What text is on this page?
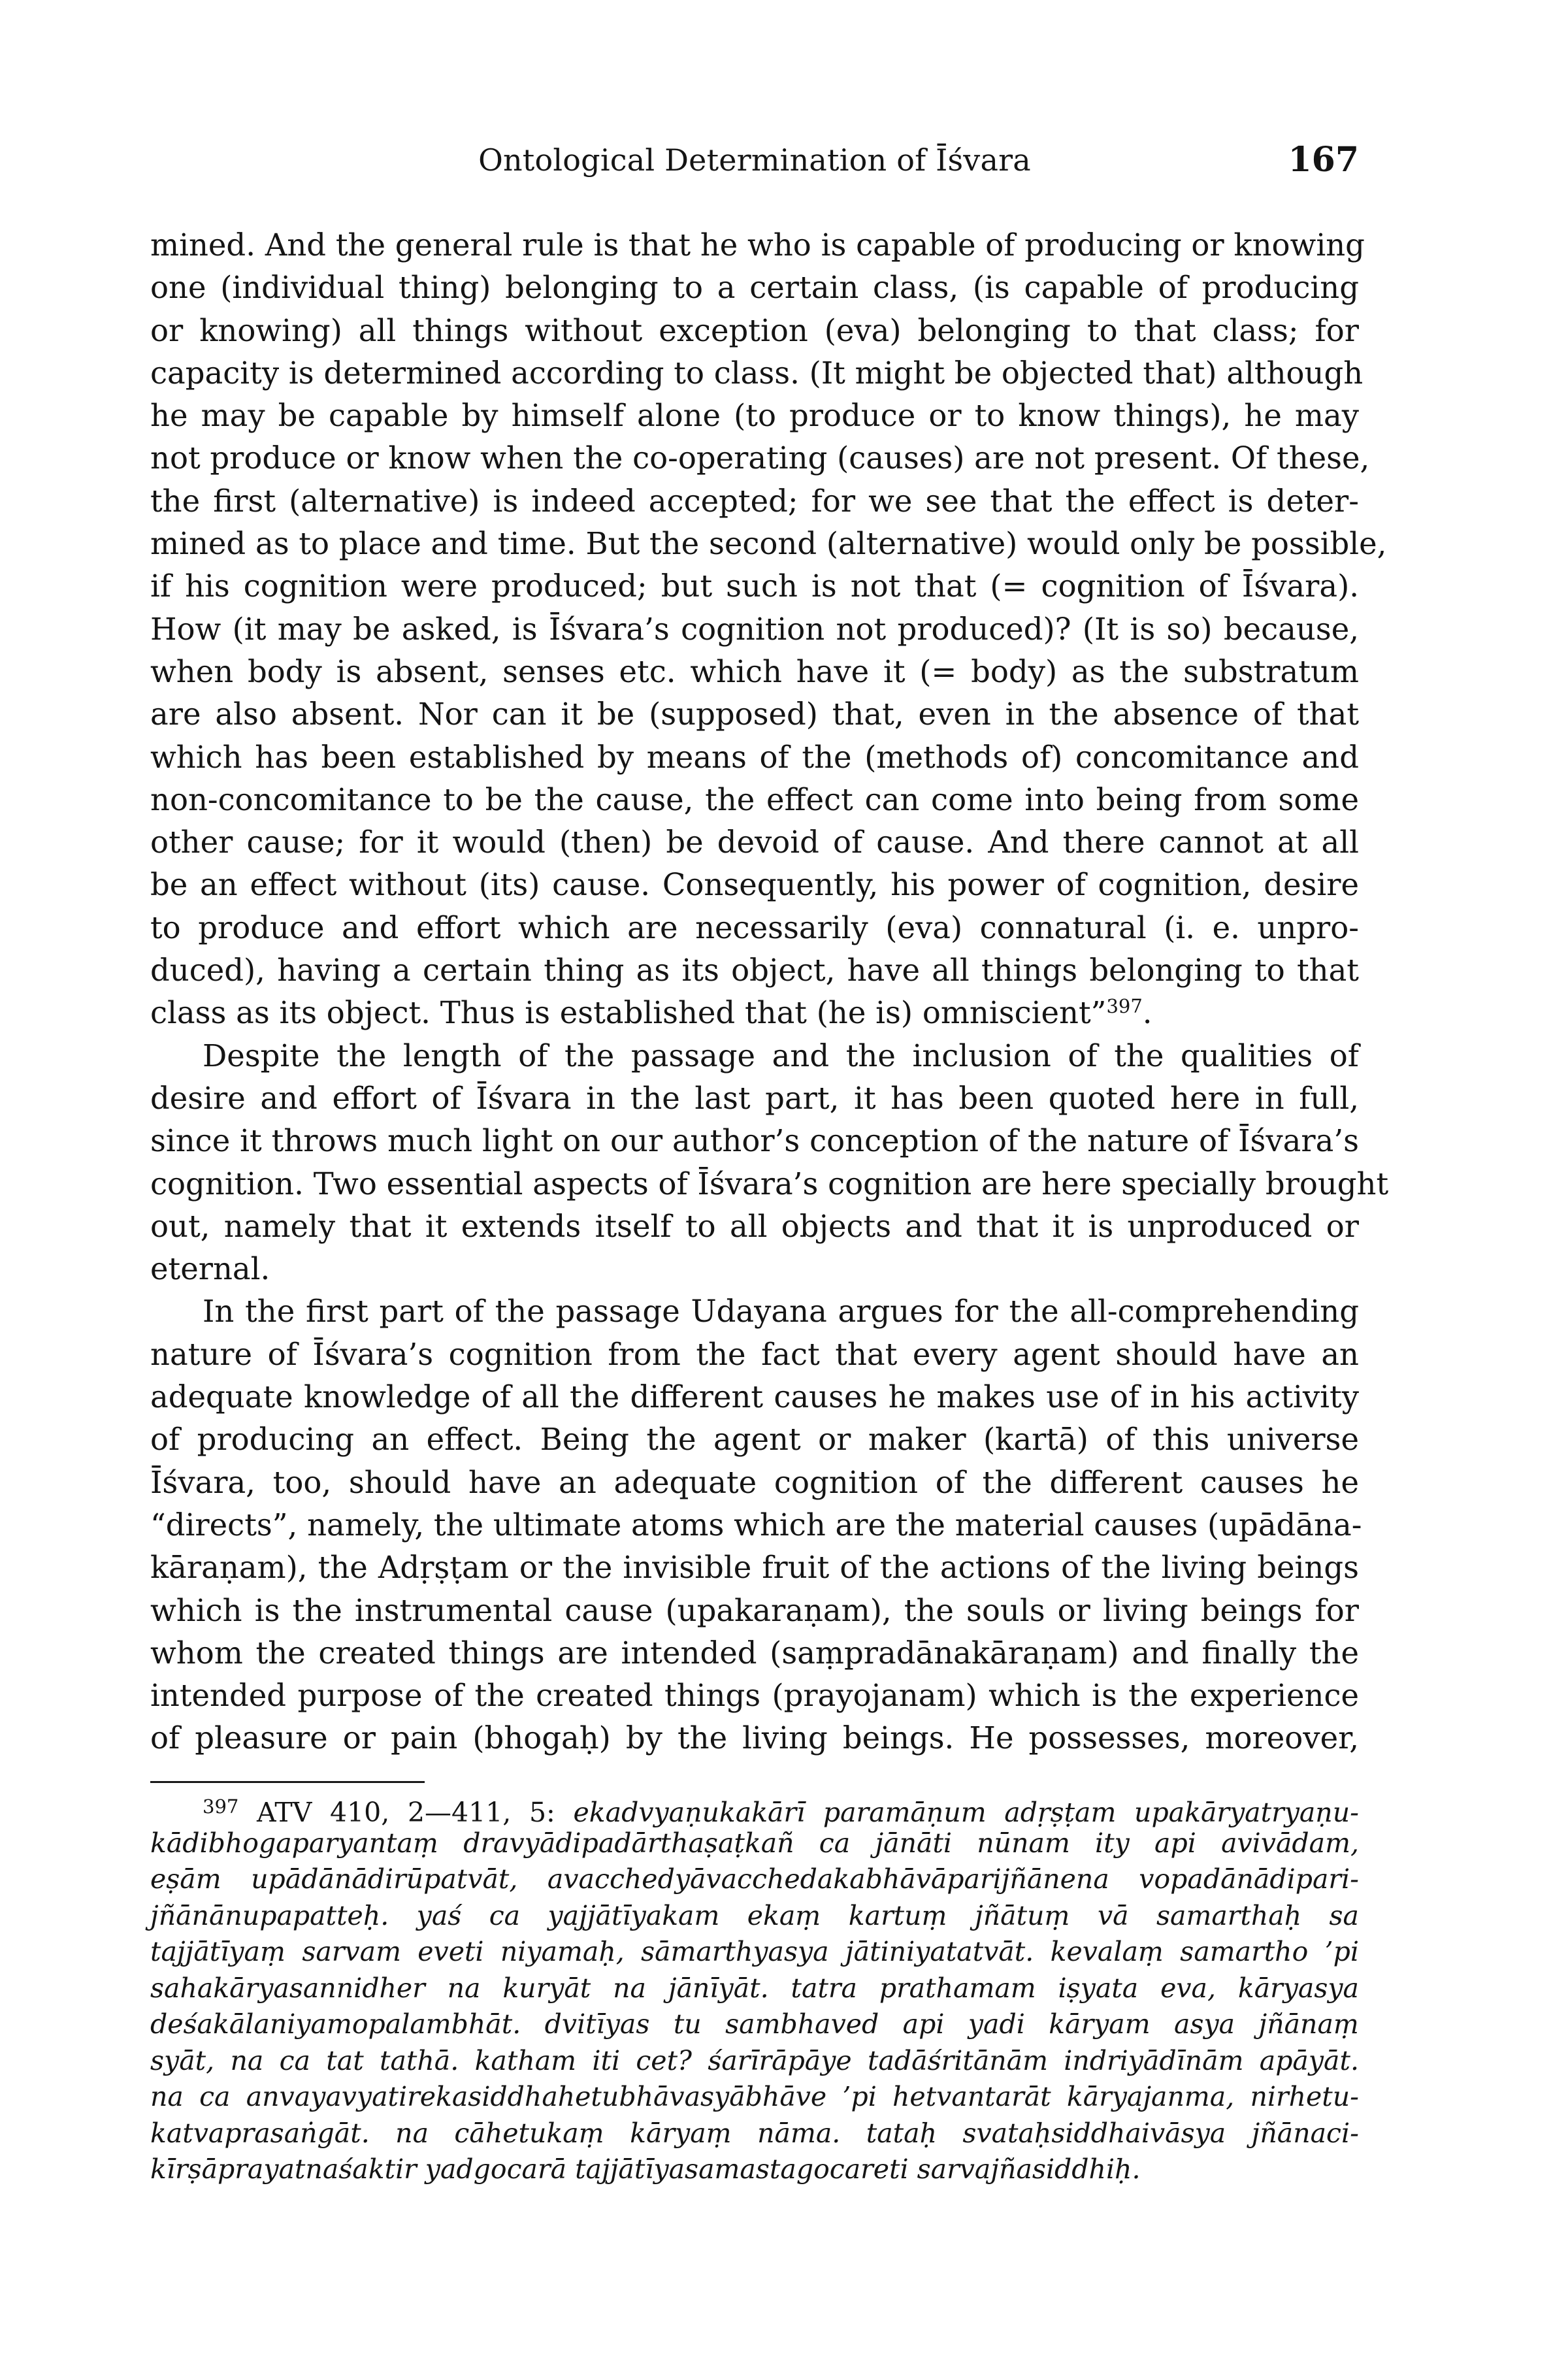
Ontological Determination of Īśvara	167
mined. And the general rule is that he who is capable of producing or knowing
one (individual thing) belonging to a certain class, (is capable of producing
or knowing) all things without exception (eva) belonging to that class; for
capacity is determined according to class. (It might be objected that) although
he may be capable by himself alone (to produce or to know things), he may
not produce or know when the co-operating (causes) are not present. Of these,
the first (alternative) is indeed accepted; for we see that the effect is deter-
mined as to place and time. But the second (alternative) would only be possible,
if his cognition were produced; but such is not that (= cognition of Īśvara).
How (it may be asked, is Īśvara’s cognition not produced)? (It is so) because,
when body is absent, senses etc. which have it (= body) as the substratum
are also absent. Nor can it be (supposed) that, even in the absence of that
which has been established by means of the (methods of) concomitance and
non-concomitance to be the cause, the effect can come into being from some
other cause; for it would (then) be devoid of cause. And there cannot at all
be an effect without (its) cause. Consequently, his power of cognition, desire
to produce and effort which are necessarily (eva) connatural (i. e. unpro-
duced), having a certain thing as its object, have all things belonging to that
class as its object. Thus is established that (he is) omniscient”$^{397}$.
Despite the length of the passage and the inclusion of the qualities of
desire and effort of Īśvara in the last part, it has been quoted here in full,
since it throws much light on our author’s conception of the nature of Īśvara’s
cognition. Two essential aspects of Īśvara’s cognition are here specially brought
out, namely that it extends itself to all objects and that it is unproduced or
eternal.
In the first part of the passage Udayana argues for the all-comprehending
nature of Īśvara’s cognition from the fact that every agent should have an
adequate knowledge of all the different causes he makes use of in his activity
of producing an effect. Being the agent or maker (kartā) of this universe
Īśvara, too, should have an adequate cognition of the different causes he
“directs”, namely, the ultimate atoms which are the material causes (upādāna-
kāraṇam), the Adṛṣṭam or the invisible fruit of the actions of the living beings
which is the instrumental cause (upakaraṇam), the souls or living beings for
whom the created things are intended (saṃpradānakāraṇam) and finally the
intended purpose of the created things (prayojanam) which is the experience
of pleasure or pain (bhogaḥ) by the living beings. He possesses, moreover,
$^{397}$ ATV 410, 2—411, 5: ekadvyaṇukakārī paramāṇum adṛṣṭam upakāryatryaṇu-
kādibhogaparyantaṃ dravyādipadārthaṣaṭkañ ca jānāti nūnam ity api avivādam,
eṣām upādānādirūpatvāt, avacchedyāvacchedakabhāvāparijñānena vopadānādipari-
jñānānupapatteḥ. yaś ca yajjātīyakam ekaṃ kartuṃ jñātuṃ vā samarthaḥ sa
tajjātīyaṃ sarvam eveti niyamaḥ, sāmarthyasya jātiniyatatvāt. kevalaṃ samartho ’pi
sahakāryasannidher na kuryāt na jānīyāt. tatra prathamam iṣyata eva, kāryasya
deśakālaniyamopalambhāt. dvitīyas tu sambhaved api yadi kāryam asya jñānaṃ
syāt, na ca tat tathā. katham iti cet? śarīrāpāye tadāśritānām indriyādīnām apāyāt.
na ca anvayavyatirekasiddhahetubhāvasyābhāve ’pi hetvantarāt kāryajanma, nirhetu-
katvaprasaṅgāt. na cāhetukaṃ kāryaṃ nāma. tataḥ svataḥsiddhaivāsya jñānaci-
kīrṣāprayatnaśaktir yadgocarā tajjātīyasamastagocareti sarvajñasiddhiḥ.
